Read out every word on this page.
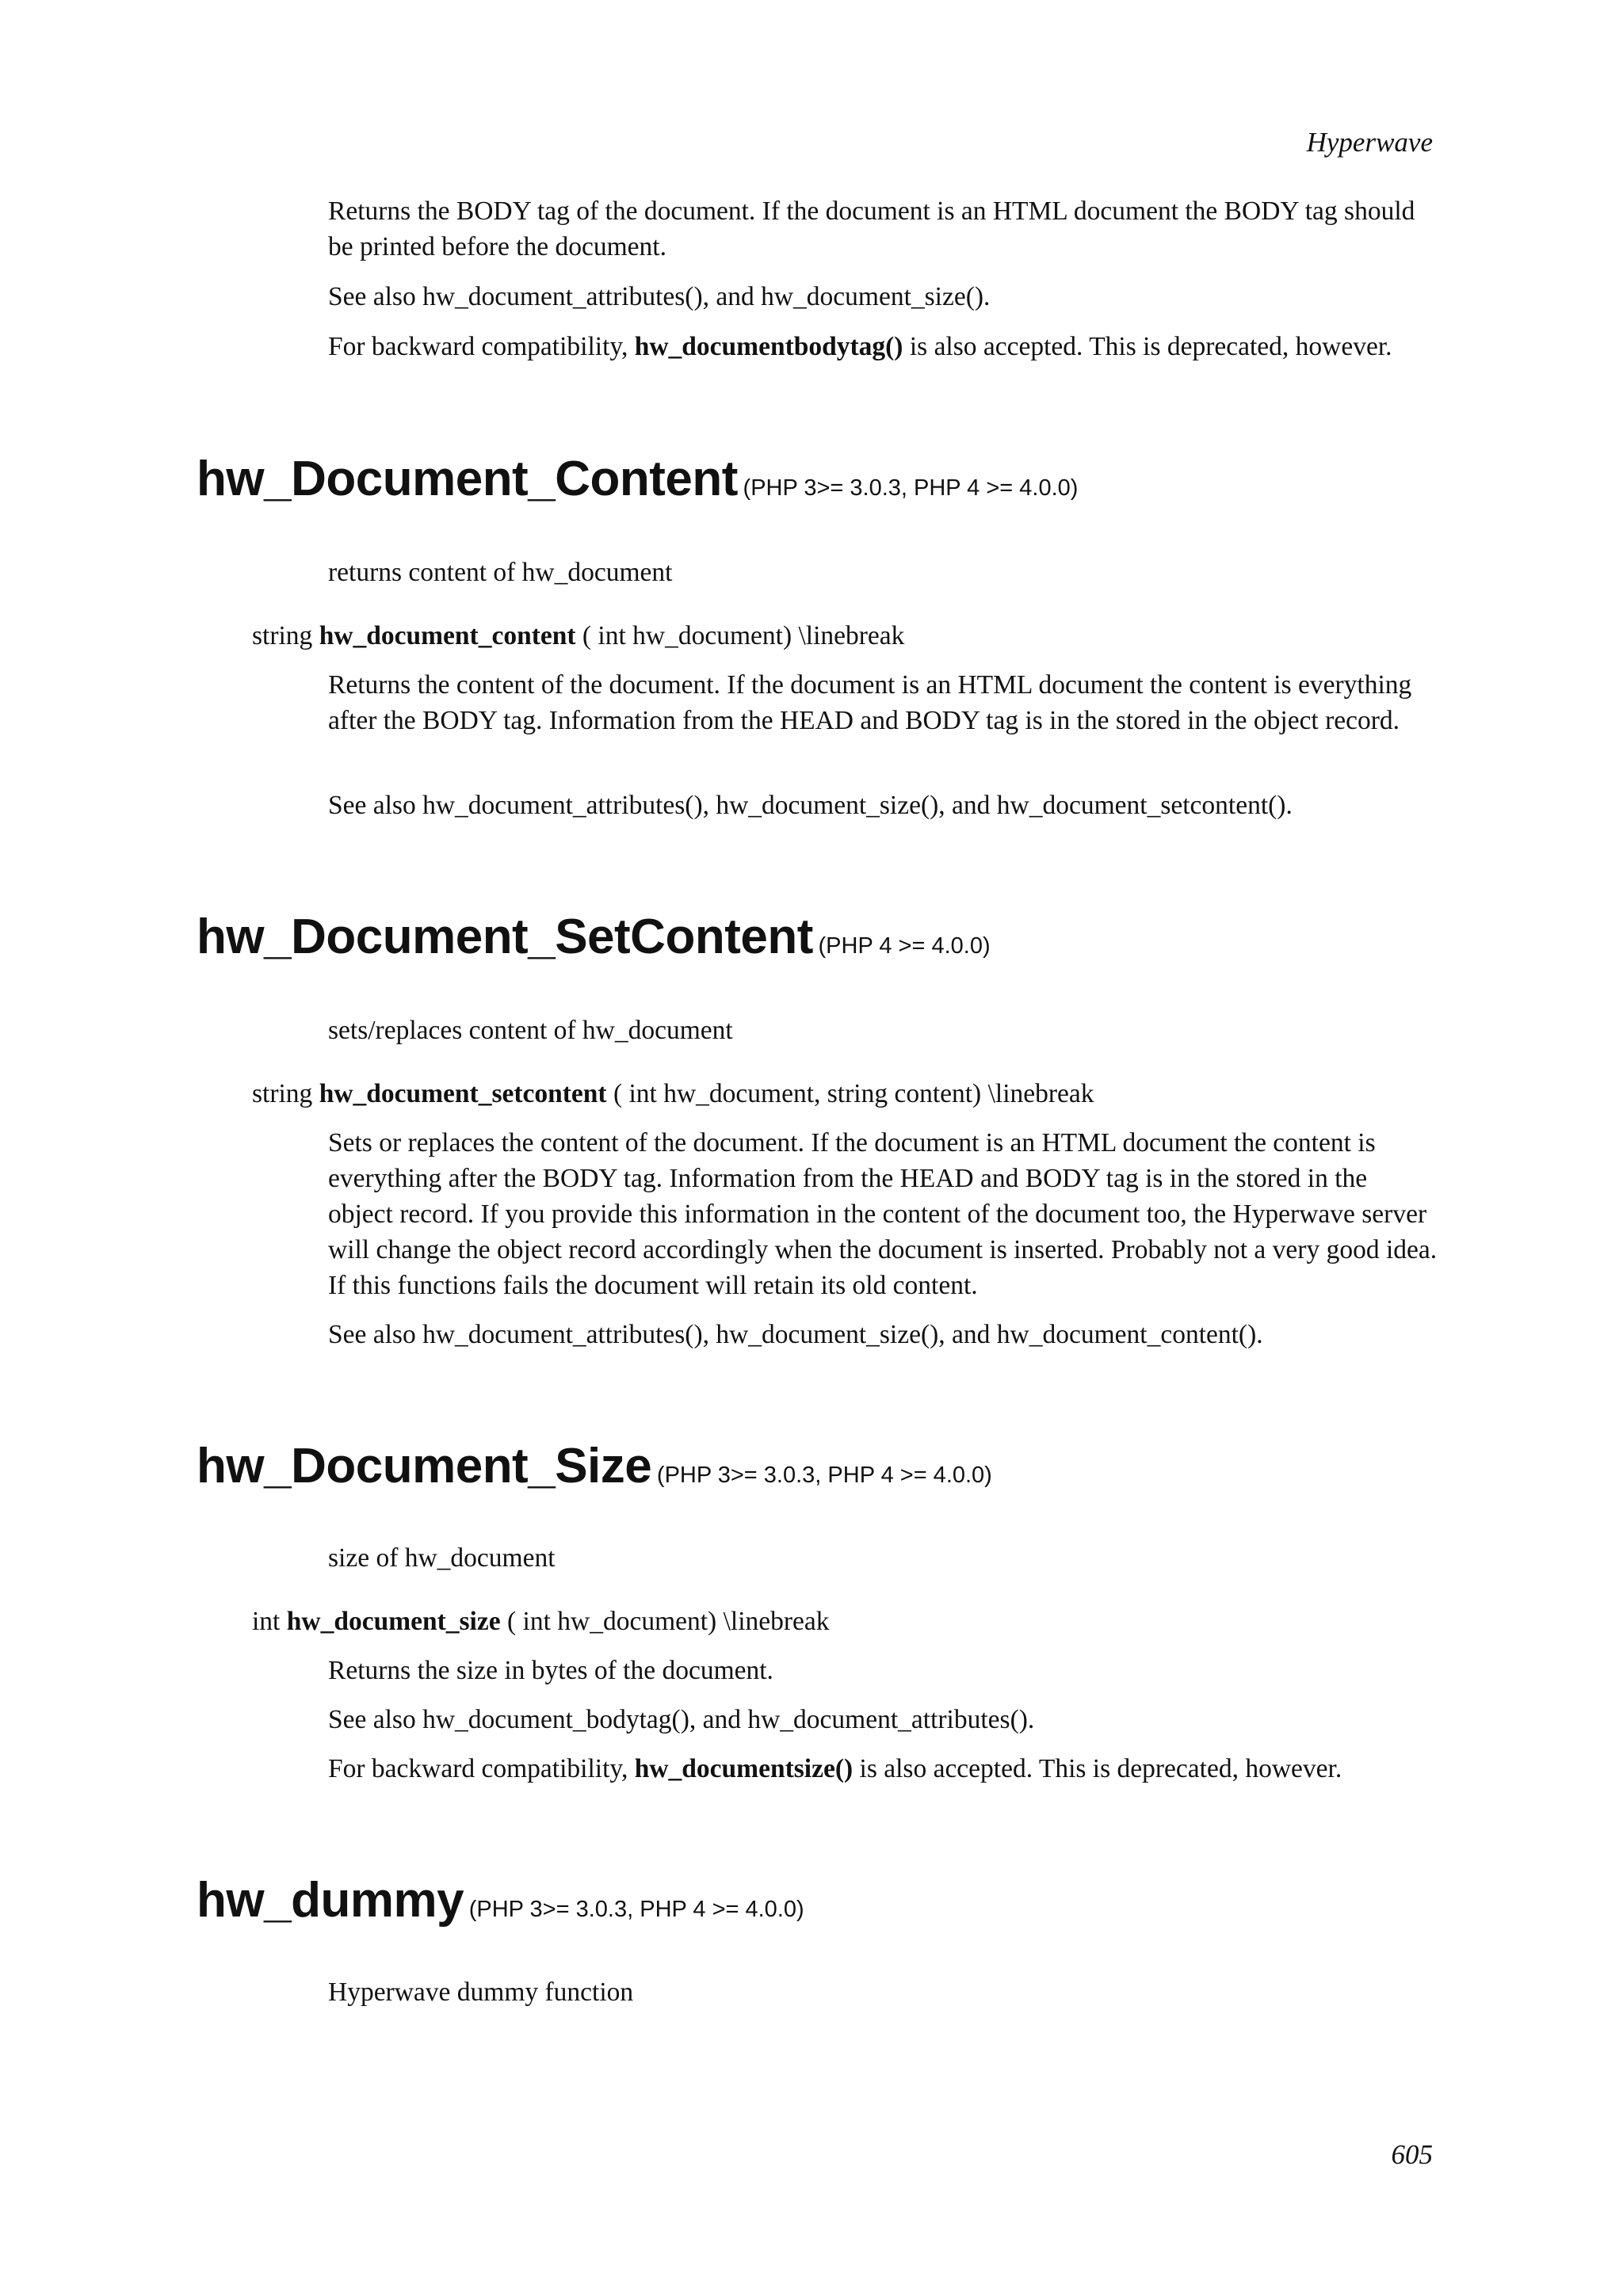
Hyperwave

Returns the BODY tag of the document. If the document is an HTML document the BODY tag should be printed before the document.

See also hw_document_attributes(), and hw_document_size().

For backward compatibility, hw_documentbodytag() is also accepted. This is deprecated, however.

hw_Document_Content (PHP 3>= 3.0.3, PHP 4 >= 4.0.0)

returns content of hw_document

string hw_document_content ( int hw_document) \linebreak

Returns the content of the document. If the document is an HTML document the content is everything after the BODY tag. Information from the HEAD and BODY tag is in the stored in the object record.

See also hw_document_attributes(), hw_document_size(), and hw_document_setcontent().

hw_Document_SetContent (PHP 4 >= 4.0.0)

sets/replaces content of hw_document

string hw_document_setcontent ( int hw_document, string content) \linebreak

Sets or replaces the content of the document. If the document is an HTML document the content is everything after the BODY tag. Information from the HEAD and BODY tag is in the stored in the object record. If you provide this information in the content of the document too, the Hyperwave server will change the object record accordingly when the document is inserted. Probably not a very good idea. If this functions fails the document will retain its old content.

See also hw_document_attributes(), hw_document_size(), and hw_document_content().

hw_Document_Size (PHP 3>= 3.0.3, PHP 4 >= 4.0.0)

size of hw_document

int hw_document_size ( int hw_document) \linebreak

Returns the size in bytes of the document.

See also hw_document_bodytag(), and hw_document_attributes().

For backward compatibility, hw_documentsize() is also accepted. This is deprecated, however.

hw_dummy (PHP 3>= 3.0.3, PHP 4 >= 4.0.0)

Hyperwave dummy function

605
